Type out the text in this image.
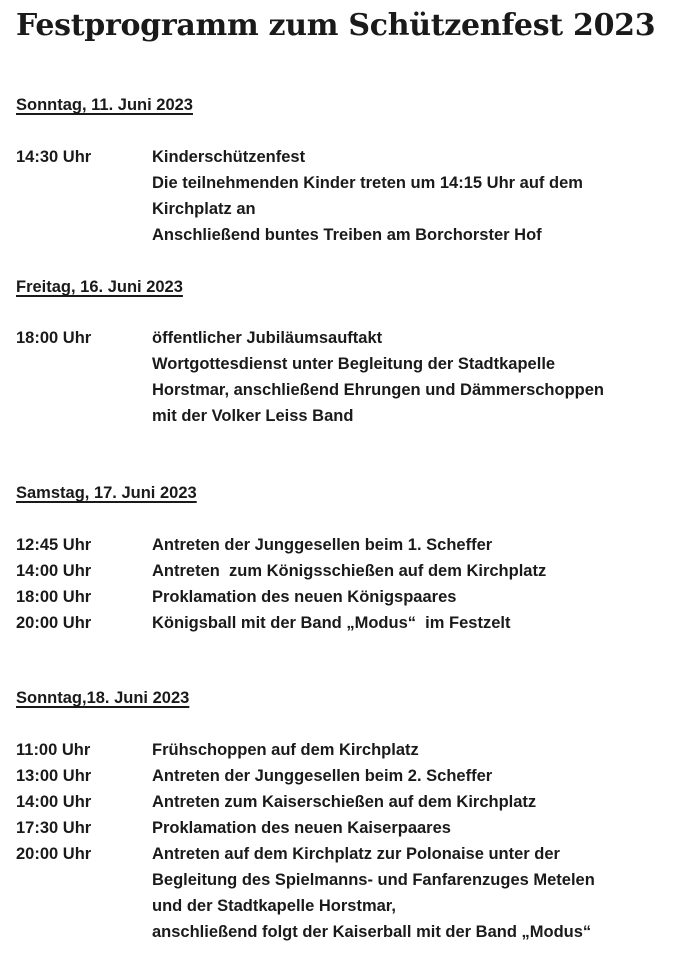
Festprogramm zum Schützenfest 2023
Sonntag, 11. Juni 2023
14:30 Uhr	Kinderschützenfest
Die teilnehmenden Kinder treten um 14:15 Uhr auf dem
Kirchplatz an
Anschließend buntes Treiben am Borchorster Hof
Freitag, 16. Juni 2023
18:00 Uhr	öffentlicher Jubiläumsauftakt
Wortgottesdienst unter Begleitung der Stadtkapelle
Horstmar, anschließend Ehrungen und Dämmerschoppen
mit der Volker Leiss Band
Samstag, 17. Juni 2023
12:45 Uhr	Antreten der Junggesellen beim 1. Scheffer
14:00 Uhr	Antreten  zum Königsschießen auf dem Kirchplatz
18:00 Uhr	Proklamation des neuen Königspaares
20:00 Uhr	Königsball mit der Band „Modus“  im Festzelt
Sonntag,18. Juni 2023
11:00 Uhr	Frühschoppen auf dem Kirchplatz
13:00 Uhr	Antreten der Junggesellen beim 2. Scheffer
14:00 Uhr	Antreten zum Kaiserschießen auf dem Kirchplatz
17:30 Uhr	Proklamation des neuen Kaiserpaares
20:00 Uhr	Antreten auf dem Kirchplatz zur Polonaise unter der
Begleitung des Spielmanns- und Fanfarenzuges Metelen
und der Stadtkapelle Horstmar,
anschließend folgt der Kaiserball mit der Band „Modus“
